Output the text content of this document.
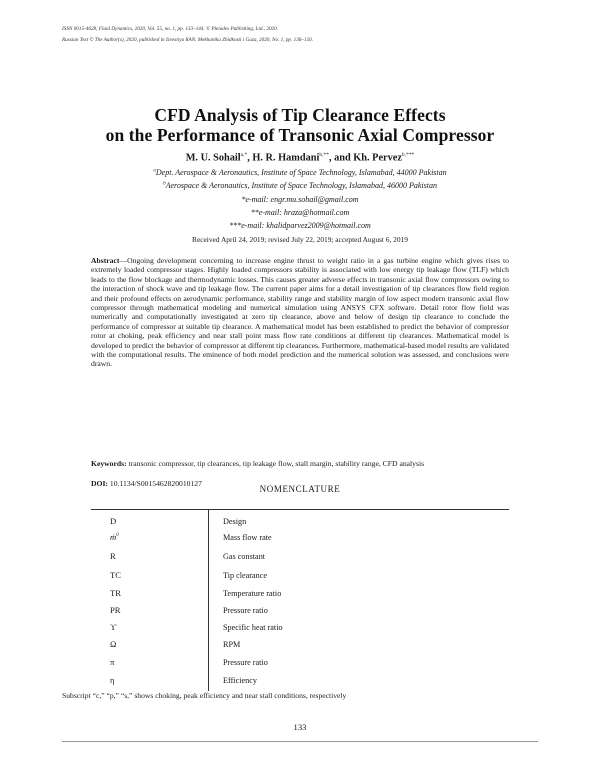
ISSN 0015-4628, Fluid Dynamics, 2020, Vol. 55, no. 1, pp. 133–144. © Pleiades Publishing, Ltd., 2020.
Russian Text © The Author(s), 2020, published in Izvestiya RAN. Mekhanika Zhidkosti i Gaza, 2020, No. 1, pp. 136–150.
CFD Analysis of Tip Clearance Effects
on the Performance of Transonic Axial Compressor
M. U. Sohail$^{a,*}$, H. R. Hamdani$^{b,**}$, and Kh. Pervez$^{b,***}$
$^a$Dept. Aerospace & Aeronautics, Institute of Space Technology, Islamabad, 44000 Pakistan
$^b$Aerospace & Aeronautics, Institute of Space Technology, Islamabad, 46000 Pakistan
*e-mail: engr.mu.sohail@gmail.com
**e-mail: hraza@hotmail.com
***e-mail: khalidparvez2009@hotmail.com
Received April 24, 2019; revised July 22, 2019; accepted August 6, 2019
Abstract—Ongoing development concerning to increase engine thrust to weight ratio in a gas turbine engine which gives rises to extremely loaded compressor stages. Highly loaded compressors stability is associated with low energy tip leakage flow (TLF) which leads to the flow blockage and thermodynamic losses. This causes greater adverse effects in transonic axial flow compressors owing to the interaction of shock wave and tip leakage flow. The current paper aims for a detail investigation of tip clearances flow field region and their profound effects on aerodynamic performance, stability range and stability margin of low aspect modern transonic axial flow compressor through mathematical modeling and numerical simulation using ANSYS CFX software. Detail rotor flow field was numerically and computationally investigated at zero tip clearance, above and below of design tip clearance to conclude the performance of compressor at suitable tip clearance. A mathematical model has been established to predict the behavior of compressor rotor at choking, peak efficiency and near stall point mass flow rate conditions at different tip clearances. Mathematical model is developed to predict the behavior of compressor at different tip clearances. Furthermore, mathematical-based model results are validated with the computational results. The eminence of both model prediction and the numerical solution was assessed, and conclusions were drawn.
Keywords: transonic compressor, tip clearances, tip leakage flow, stall margin, stability range, CFD analysis
DOI: 10.1134/S0015462820010127
NOMENCLATURE
D	Design
ṁ$^0$	Mass flow rate
R	Gas constant
TC	Tip clearance
TR	Temperature ratio
PR	Pressure ratio
ϒ	Specific heat ratio
Ω	RPM
π	Pressure ratio
η	Efficiency
Subscript “c,” “p,” “s,” shows choking, peak efficiency and near stall conditions, respectively
133
